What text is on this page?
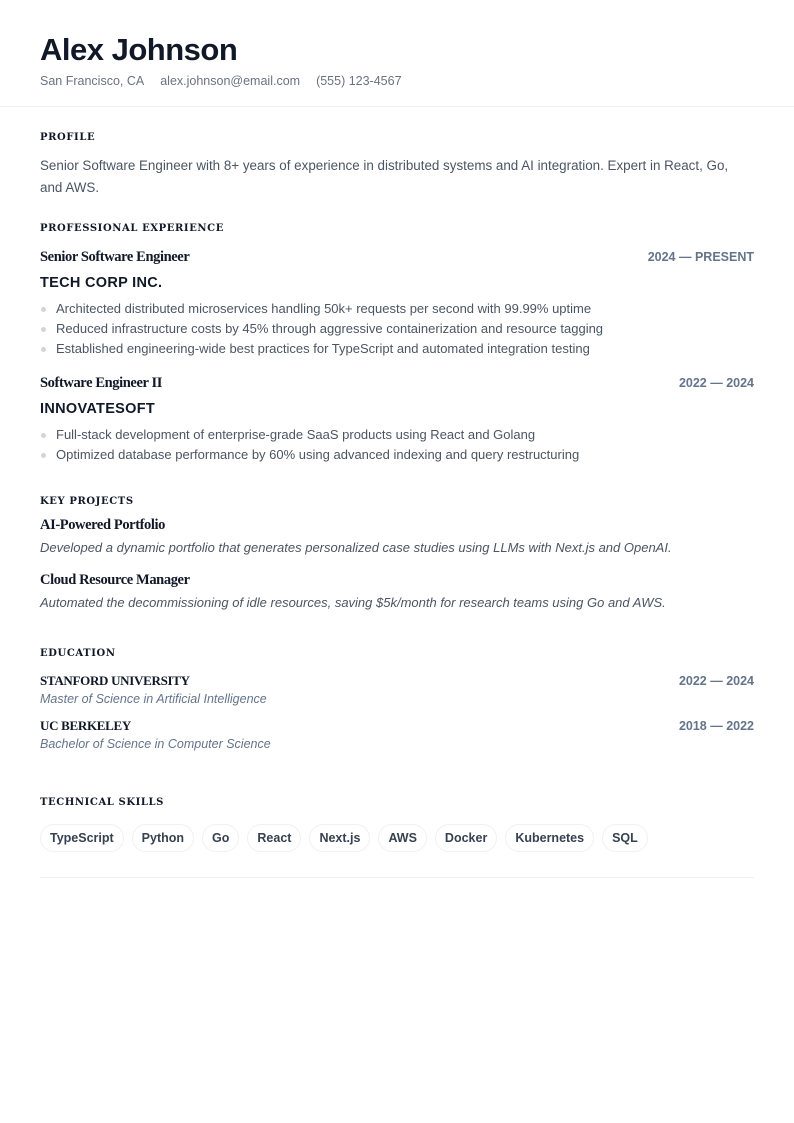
Alex Johnson
San Francisco, CA alex.johnson@email.com (555) 123-4567
PROFILE
Senior Software Engineer with 8+ years of experience in distributed systems and AI integration. Expert in React, Go, and AWS.
PROFESSIONAL EXPERIENCE
Senior Software Engineer	2024 — PRESENT
TECH CORP INC.
Architected distributed microservices handling 50k+ requests per second with 99.99% uptime
Reduced infrastructure costs by 45% through aggressive containerization and resource tagging
Established engineering-wide best practices for TypeScript and automated integration testing
Software Engineer II	2022 — 2024
INNOVATESOFT
Full-stack development of enterprise-grade SaaS products using React and Golang
Optimized database performance by 60% using advanced indexing and query restructuring
KEY PROJECTS
AI-Powered Portfolio
Developed a dynamic portfolio that generates personalized case studies using LLMs with Next.js and OpenAI.
Cloud Resource Manager
Automated the decommissioning of idle resources, saving $5k/month for research teams using Go and AWS.
EDUCATION
STANFORD UNIVERSITY	2022 — 2024
Master of Science in Artificial Intelligence
UC BERKELEY	2018 — 2022
Bachelor of Science in Computer Science
TECHNICAL SKILLS
TypeScript	Python	Go	React	Next.js	AWS	Docker	Kubernetes	SQL
